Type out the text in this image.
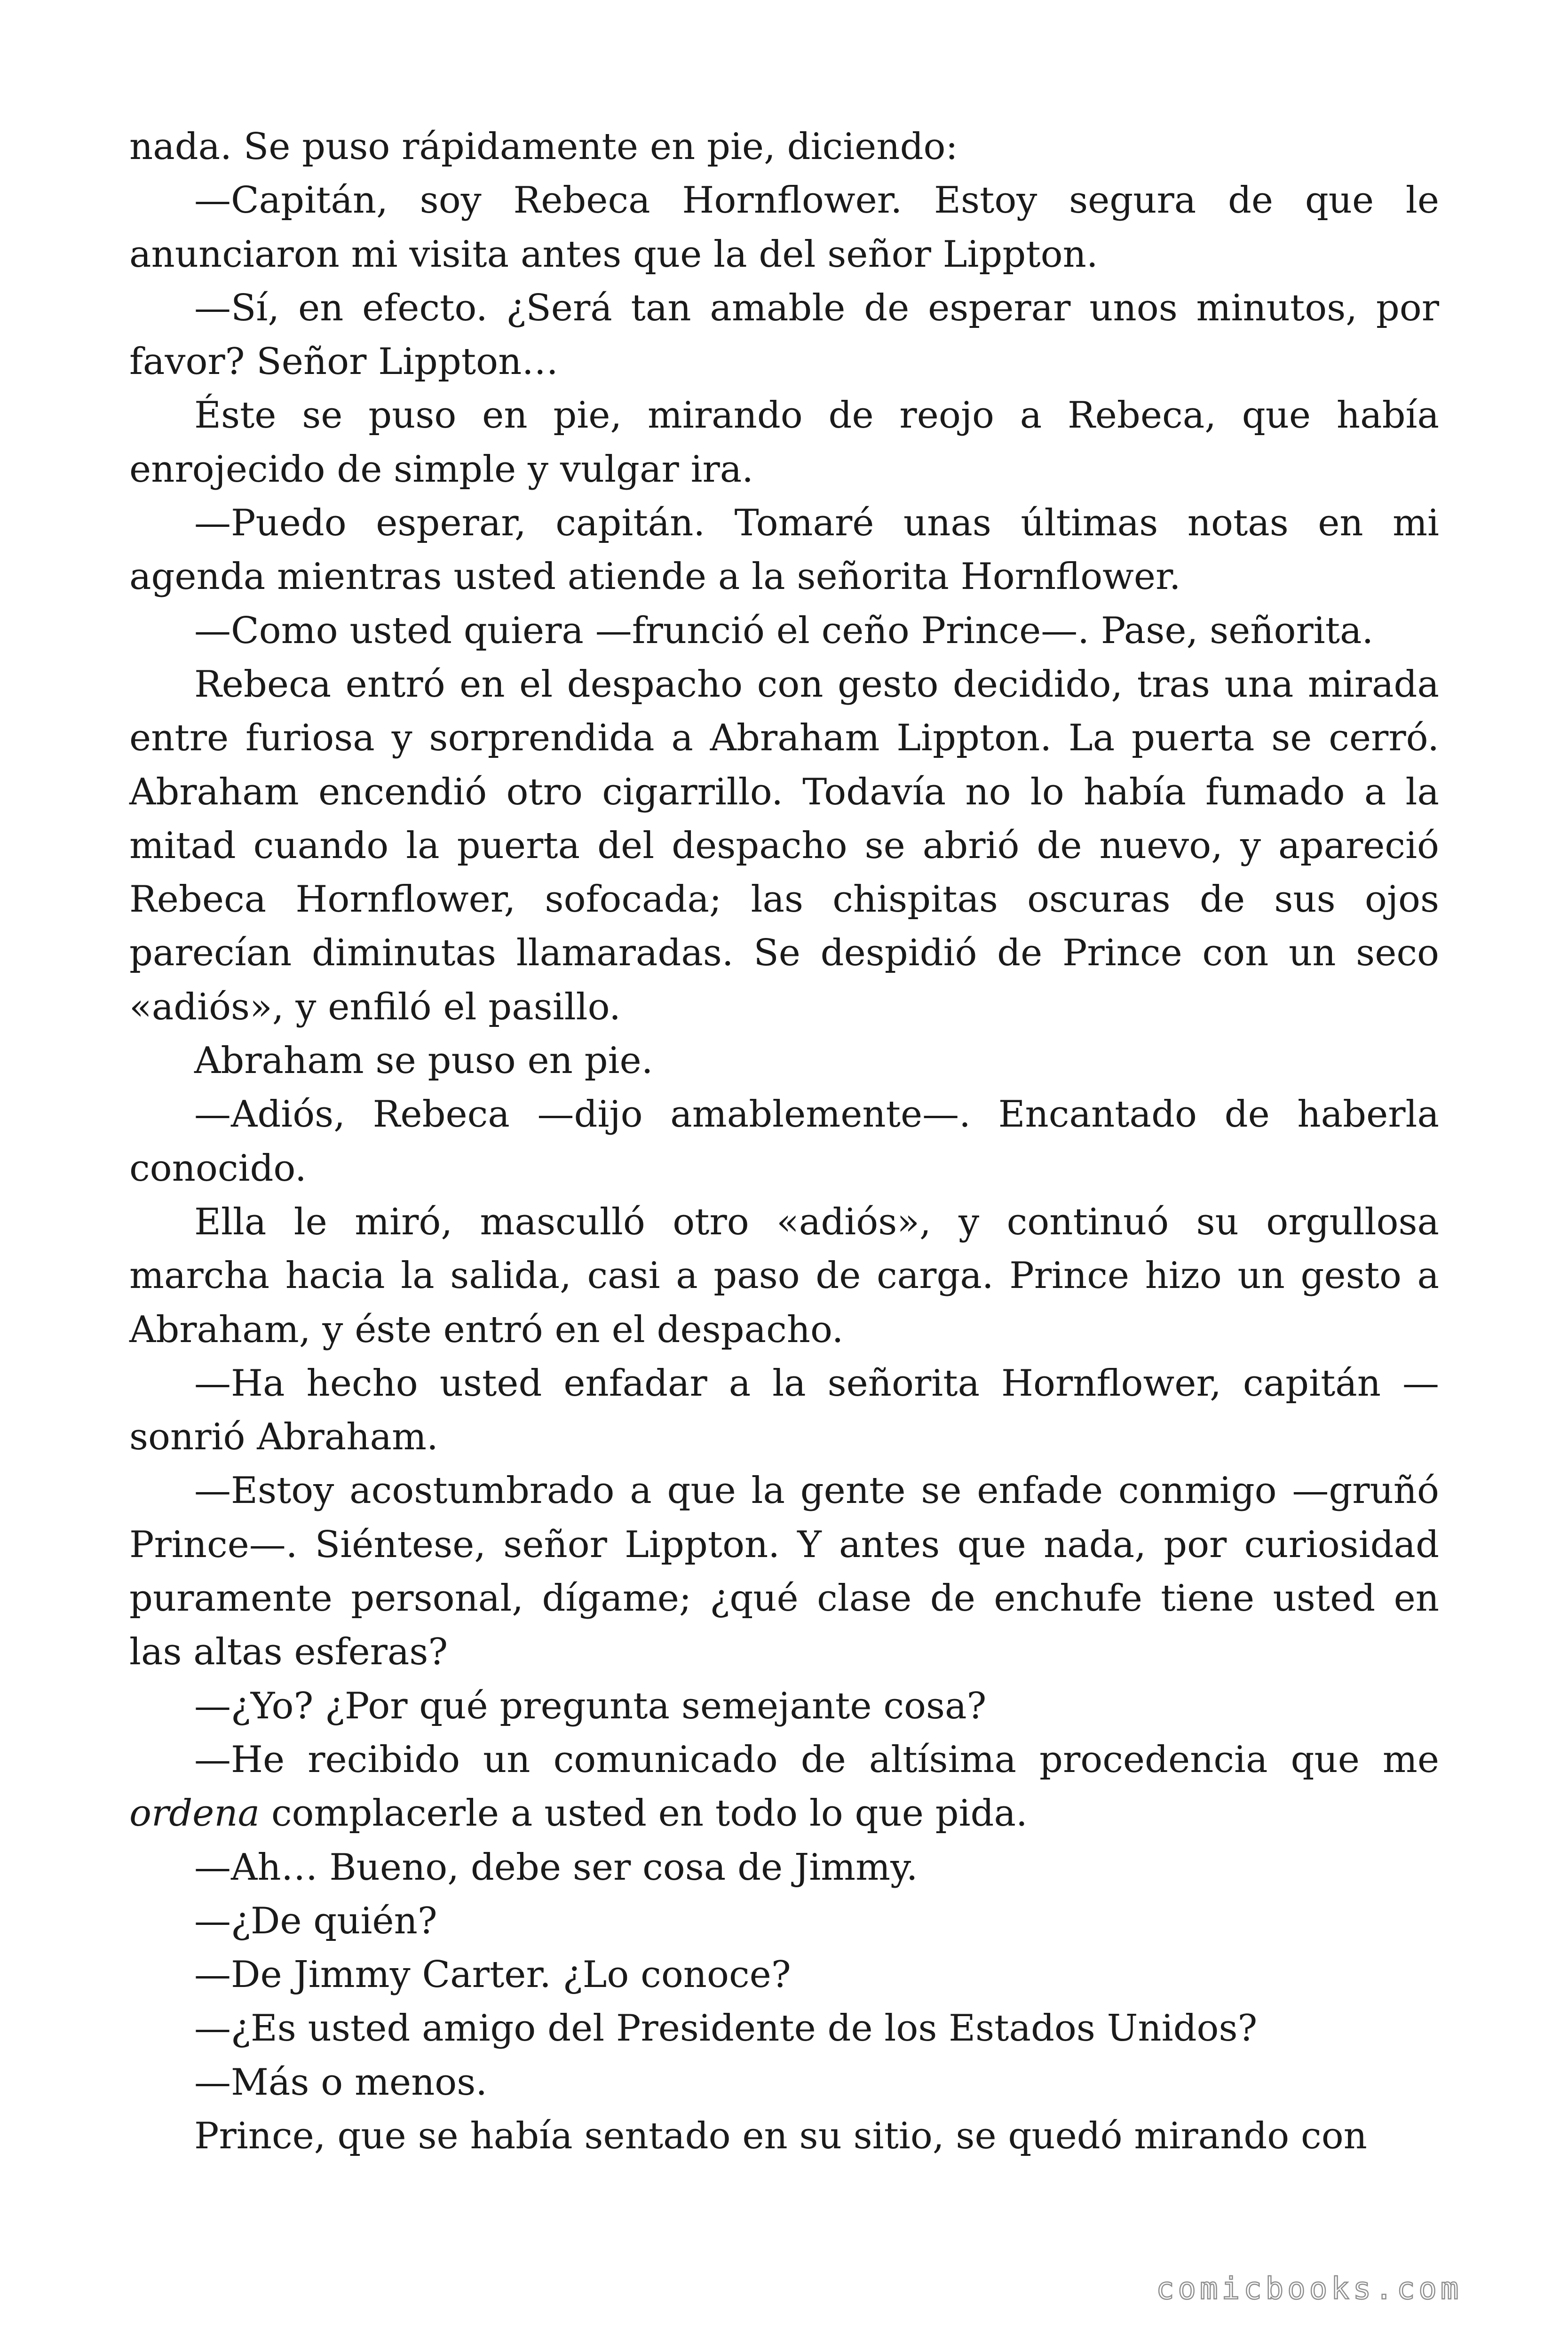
nada. Se puso rápidamente en pie, diciendo:

—Capitán, soy Rebeca Hornflower. Estoy segura de que le anunciaron mi visita antes que la del señor Lippton.

—Sí, en efecto. ¿Será tan amable de esperar unos minutos, por favor? Señor Lippton…

Éste se puso en pie, mirando de reojo a Rebeca, que había enrojecido de simple y vulgar ira.

—Puedo esperar, capitán. Tomaré unas últimas notas en mi agenda mientras usted atiende a la señorita Hornflower.

—Como usted quiera —frunció el ceño Prince—. Pase, señorita.

Rebeca entró en el despacho con gesto decidido, tras una mirada entre furiosa y sorprendida a Abraham Lippton. La puerta se cerró. Abraham encendió otro cigarrillo. Todavía no lo había fumado a la mitad cuando la puerta del despacho se abrió de nuevo, y apareció Rebeca Hornflower, sofocada; las chispitas oscuras de sus ojos parecían diminutas llamaradas. Se despidió de Prince con un seco «adiós», y enfiló el pasillo.

Abraham se puso en pie.

—Adiós, Rebeca —dijo amablemente—. Encantado de haberla conocido.

Ella le miró, masculló otro «adiós», y continuó su orgullosa marcha hacia la salida, casi a paso de carga. Prince hizo un gesto a Abraham, y éste entró en el despacho.

—Ha hecho usted enfadar a la señorita Hornflower, capitán — sonrió Abraham.

—Estoy acostumbrado a que la gente se enfade conmigo —gruñó Prince—. Siéntese, señor Lippton. Y antes que nada, por curiosidad puramente personal, dígame; ¿qué clase de enchufe tiene usted en las altas esferas?

—¿Yo? ¿Por qué pregunta semejante cosa?

—He recibido un comunicado de altísima procedencia que me ordena complacerle a usted en todo lo que pida.

—Ah… Bueno, debe ser cosa de Jimmy.

—¿De quién?

—De Jimmy Carter. ¿Lo conoce?

—¿Es usted amigo del Presidente de los Estados Unidos?

—Más o menos.

Prince, que se había sentado en su sitio, se quedó mirando con

comicbooks.com
